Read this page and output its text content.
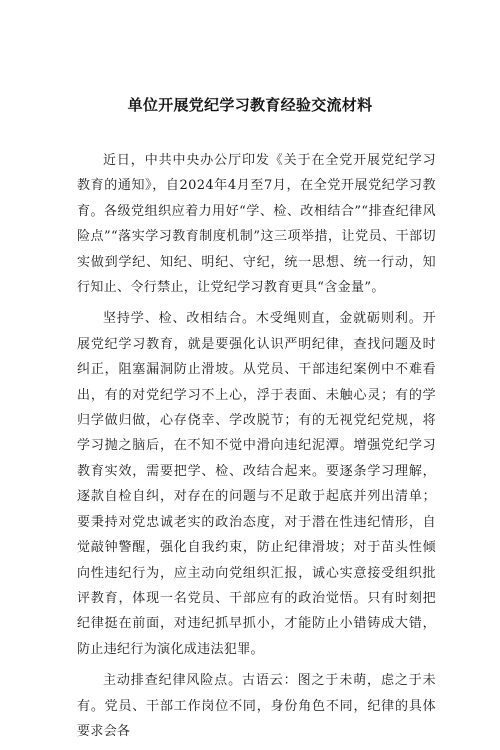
单位开展党纪学习教育经验交流材料

近日，中共中央办公厅印发《关于在全党开展党纪学习教育的通知》，自2024年4月至7月，在全党开展党纪学习教育。各级党组织应着力用好“学、检、改相结合”“排查纪律风险点”“落实学习教育制度机制”这三项举措，让党员、干部切实做到学纪、知纪、明纪、守纪，统一思想、统一行动，知行知止、令行禁止，让党纪学习教育更具“含金量”。

坚持学、检、改相结合。木受绳则直，金就砺则利。开展党纪学习教育，就是要强化认识严明纪律，查找问题及时纠正，阻塞漏洞防止滑坡。从党员、干部违纪案例中不难看出，有的对党纪学习不上心，浮于表面、未触心灵；有的学归学做归做，心存侥幸、学改脱节；有的无视党纪党规，将学习抛之脑后，在不知不觉中滑向违纪泥潭。增强党纪学习教育实效，需要把学、检、改结合起来。要逐条学习理解，逐款自检自纠，对存在的问题与不足敢于起底并列出清单；要秉持对党忠诚老实的政治态度，对于潜在性违纪情形，自觉敲钟警醒，强化自我约束，防止纪律滑坡；对于苗头性倾向性违纪行为，应主动向党组织汇报，诚心实意接受组织批评教育，体现一名党员、干部应有的政治觉悟。只有时刻把纪律挺在前面，对违纪抓早抓小，才能防止小错铸成大错，防止违纪行为演化成违法犯罪。

主动排查纪律风险点。古语云：图之于未萌，虑之于未有。党员、干部工作岗位不同，身份角色不同，纪律的具体要求会各
